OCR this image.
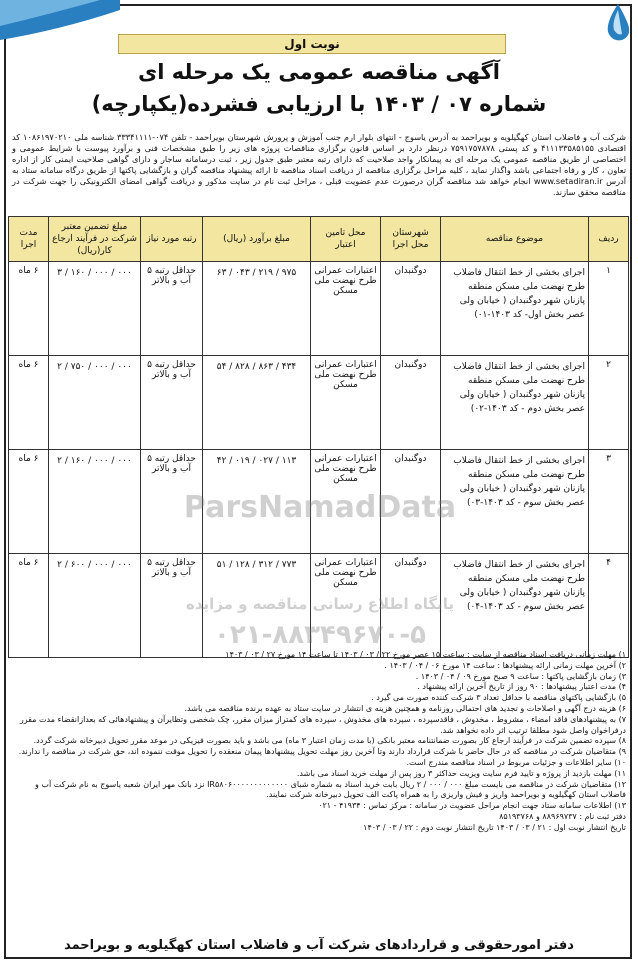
نوبت اول
آگهی مناقصه عمومی یک مرحله ای
شماره ۰۷ / ۱۴۰۳ با ارزیابی فشرده(یکپارچه)
شرکت آب و فاضلاب استان کهگیلویه و بویراحمد به آدرس یاسوج - انتهای بلوار ارم جنب آموزش و پرورش شهرستان بویراحمد - تلفن ۰۷۴-۳۳۳۴۱۱۱۱ شناسه ملی ۱۰۸۶۱۹۷۰۲۱۰ کد اقتصادی ۴۱۱۱۳۳۵۸۵۱۵۵ و کد پستی ۷۵۹۱۷۵۷۸۷۸ درنظر دارد بر اساس قانون برگزاری مناقصات پروژه های زیر را طبق مشخصات فنی و برآورد پیوست با شرایط عمومی و اختصاصی از طریق مناقصه عمومی یک مرحله ای به پیمانکار واجد صلاحیت که دارای رتبه معتبر طبق جدول زیر ، ثبت درسامانه ساجار و دارای گواهی صلاحیت ایمنی کار از اداره تعاون ، کار و رفاه اجتماعی باشد واگذار نماید ، کلیه مراحل برگزاری مناقصه از دریافت اسناد مناقصه تا ارائه پیشنهاد مناقصه گران و بازگشایی پاکتها از طریق درگاه سامانه ستاد به آدرس www.setadiran.ir انجام خواهد شد مناقصه گران درصورت عدم عضویت قبلی ، مراحل ثبت نام در سایت مذکور و دریافت گواهی امضای الکترونیکی را جهت شرکت در مناقصه محقق سازند.
ردیف	موضوع مناقصه	شهرستان محل اجرا	محل تامین اعتبار	مبلغ برآورد (ریال)	رتبه مورد نیاز	مبلغ تضمین معتبر شرکت در فرآیند ارجاع کار(ریال)	مدت اجرا
۱	اجرای بخشی از خط انتقال فاضلاب طرح نهضت ملی مسکن منطقه پازنان شهر دوگنبدان ( خیابان ولی عصر بخش اول- کد ۱۴۰۳-۰۱)	دوگنبدان	اعتبارات عمرانی طرح نهضت ملی مسکن	۹۷۵ / ۲۱۹ / ۰۴۳ / ۶۳	حداقل رتبه ۵ آب و بالاتر	۰۰۰ / ۰۰۰ / ۱۶۰ / ۳	۶ ماه
۲	اجرای بخشی از خط انتقال فاضلاب طرح نهضت ملی مسکن منطقه پازنان شهر دوگنبدان ( خیابان ولی عصر بخش دوم - کد ۱۴۰۳-۰۲)	دوگنبدان	اعتبارات عمرانی طرح نهضت ملی مسکن	۴۳۴ / ۸۶۳ / ۸۲۸ / ۵۴	حداقل رتبه ۵ آب و بالاتر	۰۰۰ / ۰۰۰ / ۷۵۰ / ۲	۶ ماه
۳	اجرای بخشی از خط انتقال فاضلاب طرح نهضت ملی مسکن منطقه پازنان شهر دوگنبدان ( خیابان ولی عصر بخش سوم - کد ۱۴۰۳-۰۳)	دوگنبدان	اعتبارات عمرانی طرح نهضت ملی مسکن	۱۱۳ / ۰۲۷ / ۰۱۹ / ۴۲	حداقل رتبه ۵ آب و بالاتر	۰۰۰ / ۰۰۰ / ۱۶۰ / ۲	۶ ماه
۴	اجرای بخشی از خط انتقال فاضلاب طرح نهضت ملی مسکن منطقه پازنان شهر دوگنبدان ( خیابان ولی عصر بخش سوم - کد ۱۴۰۳-۰۴)	دوگنبدان	اعتبارات عمرانی طرح نهضت ملی مسکن	۷۷۳ / ۳۱۲ / ۱۲۸ / ۵۱	حداقل رتبه ۵ آب و بالاتر	۰۰۰ / ۰۰۰ / ۶۰۰ / ۲	۶ ماه
ParsNamadData
پایگاه اطلاع رسانی مناقصه و مزایده
۰۲۱-۸۸۳۴۹۶۷۰-۵
۱) مهلت زمانی دریافت اسناد مناقصه از سایت : ساعت ۱۵ عصر مورخ ۲۲ / ۰۳ / ۱۴۰۳ تا ساعت ۱۴ مورخ ۲۷ / ۰۳ / ۱۴۰۳
۲) آخرین مهلت زمانی ارائه پیشنهادها : ساعت ۱۴ مورخ ۰۶ / ۰۴ / ۱۴۰۳ .
۳) زمان بازگشایی پاکتها : ساعت ۹ صبح مورخ ۰۹ / ۰۴ / ۱۴۰۳ .
۴) مدت اعتبار پیشنهادها : ۹۰ روز از تاریخ آخرین ارائه پیشنهاد .
۵) بازگشایی پاکتهای مناقصه با حداقل تعداد ۳ شرکت کننده صورت می گیرد .
۶) هزینه درج آگهی و اصلاحات و تجدید های احتمالی روزنامه و همچنین هزینه ی انتشار در سایت ستاد به عهده برنده مناقصه می باشد.
۷) به پیشنهادهای فاقد امضاء ، مشروط ، مخدوش ، فاقدسپرده ، سپرده های مخدوش ، سپرده های کمتراز میزان مقرر، چک شخصی وتظایرآن و پیشنهادهائی که بعدازانقضاء مدت مقرر درفراخوان واصل شود مطلقا ترتیب اثر داده نخواهد شد.
۸) سپرده تضمین شرکت در فرآیند ارجاع کار بصورت ضمانتنامه معتبر بانکی (با مدت زمان اعتبار ۳ ماه) می باشد و باید بصورت فیزیکی در موعد مقرر تحویل دبیرخانه شرکت گردد.
۹) متقاضیان شرکت در مناقصه که در حال حاضر با شرکت قرارداد دارند وتا آخرین روز مهلت تحویل پیشنهادها پیمان منعقده را تحویل موقت ننموده اند، حق شرکت در مناقصه را ندارند.
۱۰) سایر اطلاعات و جزئیات مربوط در اسناد مناقصه مندرج است.
۱۱) مهلت بازدید از پروژه و تایید فرم سایت ویزیت حداکثر ۳ روز پس از مهلت خرید اسناد می باشد.
۱۲) متقاضیان شرکت در مناقصه می بایست مبلغ ۰۰۰ / ۰۰۰ / ۲ ریال بابت خرید اسناد به شماره شبای IR۵۸۰۶۰۰۰۰۰۰۰۰۰۰۰۰۰ نزد بانک مهر ایران شعبه یاسوج به نام شرکت آب و فاضلاب استان کهگیلویه و بویراحمد واریز و فیش واریزی را به همراه پاکت الف تحویل دبیرخانه شرکت نمایند.
۱۳) اطلاعات سامانه ستاد جهت انجام مراحل عضویت در سامانه : مرکز تماس : ۴۱۹۳۴ - ۰۲۱
دفتر ثبت نام : ۸۸۹۶۹۷۳۷ و ۸۵۱۹۳۷۶۸
تاریخ انتشار نوبت اول : ۲۱ / ۰۳ / ۱۴۰۳ تاریخ انتشار نوبت دوم : ۲۲ / ۰۳ / ۱۴۰۳
دفتر امورحقوقی و قراردادهای شرکت آب و فاضلاب استان کهگیلویه و بویراحمد
